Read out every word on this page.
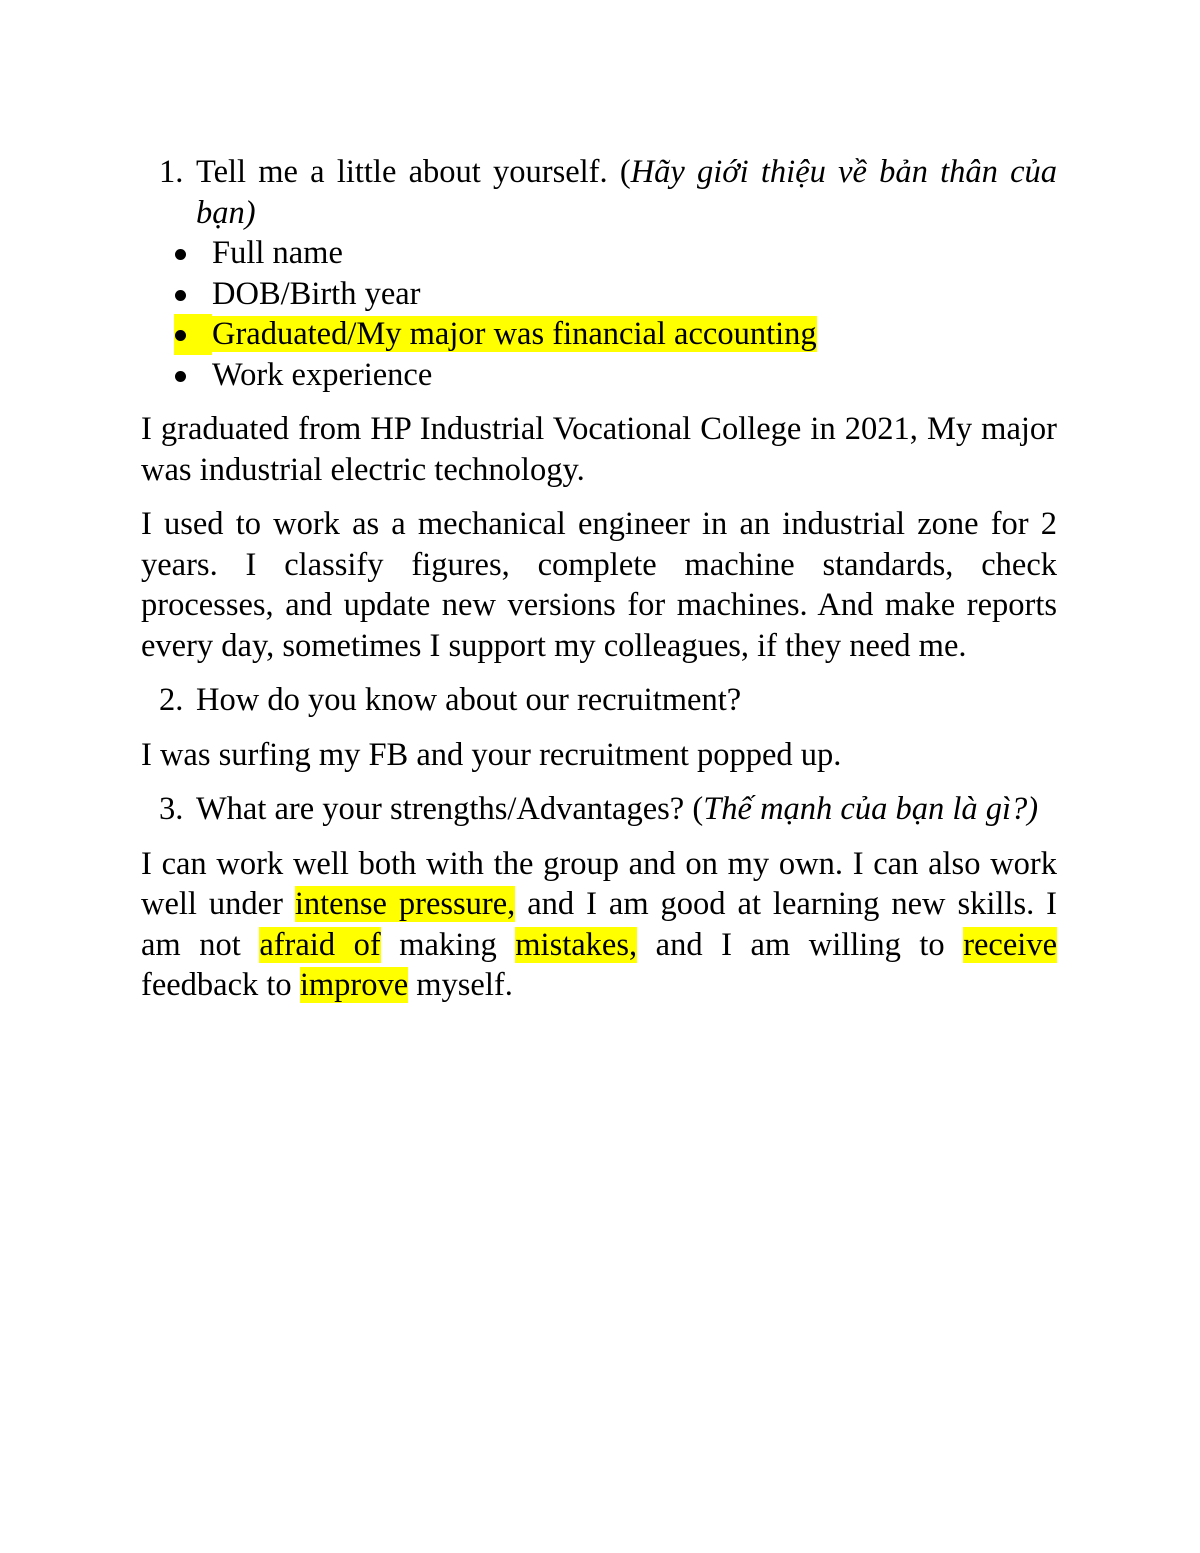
1. Tell me a little about yourself. (Hãy giới thiệu về bản thân của bạn)
Full name
DOB/Birth year
Graduated/My major was financial accounting
Work experience

I graduated from HP Industrial Vocational College in 2021, My major was industrial electric technology.

I used to work as a mechanical engineer in an industrial zone for 2 years. I classify figures, complete machine standards, check processes, and update new versions for machines. And make reports every day, sometimes I support my colleagues, if they need me.

2. How do you know about our recruitment?

I was surfing my FB and your recruitment popped up.

3. What are your strengths/Advantages? (Thế mạnh của bạn là gì?)

I can work well both with the group and on my own. I can also work well under intense pressure, and I am good at learning new skills. I am not afraid of making mistakes, and I am willing to receive feedback to improve myself.
